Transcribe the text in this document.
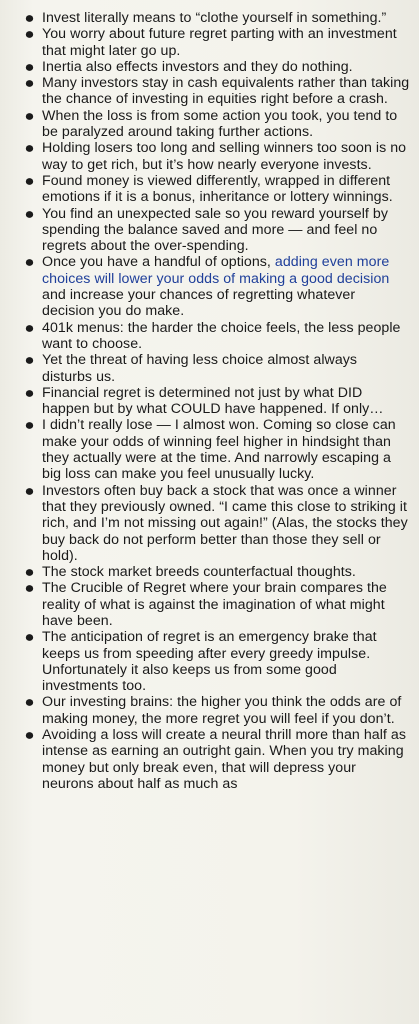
Invest literally means to “clothe yourself in something.”
You worry about future regret parting with an investment that might later go up.
Inertia also effects investors and they do nothing.
Many investors stay in cash equivalents rather than taking the chance of investing in equities right before a crash.
When the loss is from some action you took, you tend to be paralyzed around taking further actions.
Holding losers too long and selling winners too soon is no way to get rich, but it’s how nearly everyone invests.
Found money is viewed differently, wrapped in different emotions if it is a bonus, inheritance or lottery winnings.
You find an unexpected sale so you reward yourself by spending the balance saved and more — and feel no regrets about the over-spending.
Once you have a handful of options, adding even more choices will lower your odds of making a good decision and increase your chances of regretting whatever decision you do make.
401k menus: the harder the choice feels, the less people want to choose.
Yet the threat of having less choice almost always disturbs us.
Financial regret is determined not just by what DID happen but by what COULD have happened. If only…
I didn’t really lose — I almost won. Coming so close can make your odds of winning feel higher in hindsight than they actually were at the time. And narrowly escaping a big loss can make you feel unusually lucky.
Investors often buy back a stock that was once a winner that they previously owned. “I came this close to striking it rich, and I’m not missing out again!” (Alas, the stocks they buy back do not perform better than those they sell or hold).
The stock market breeds counterfactual thoughts.
The Crucible of Regret where your brain compares the reality of what is against the imagination of what might have been.
The anticipation of regret is an emergency brake that keeps us from speeding after every greedy impulse. Unfortunately it also keeps us from some good investments too.
Our investing brains: the higher you think the odds are of making money, the more regret you will feel if you don’t.
Avoiding a loss will create a neural thrill more than half as intense as earning an outright gain. When you try making money but only break even, that will depress your neurons about half as much as
